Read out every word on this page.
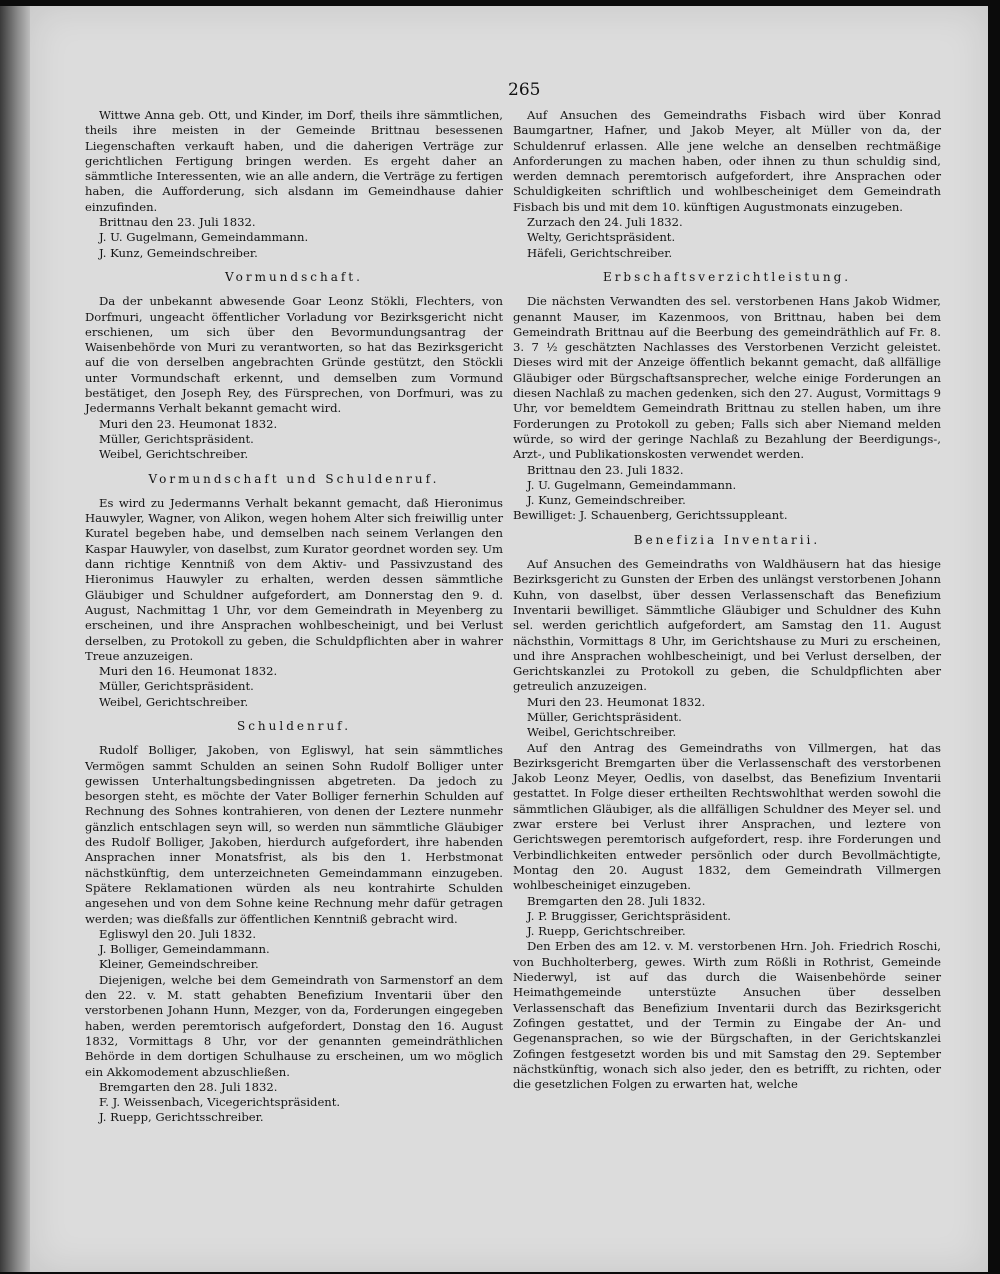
265

Wittwe Anna geb. Ott, und Kinder, im Dorf, theils ihre sämmtlichen, theils ihre meisten in der Gemeinde Brittnau besessenen Liegenschaften verkauft haben, und die daherigen Verträge zur gerichtlichen Fertigung bringen werden. Es ergeht daher an sämmtliche Interessenten, wie an alle andern, die Verträge zu fertigen haben, die Aufforderung, sich alsdann im Gemeindhause dahier einzufinden.

Brittnau den 23. Juli 1832.

J. U. Gugelmann, Gemeindammann.

J. Kunz, Gemeindschreiber.

Vormundschaft.

Da der unbekannt abwesende Goar Leonz Stökli, Flechters, von Dorfmuri, ungeacht öffentlicher Vorladung vor Bezirksgericht nicht erschienen, um sich über den Bevormundungsantrag der Waisenbehörde von Muri zu verantworten, so hat das Bezirksgericht auf die von derselben angebrachten Gründe gestützt, den Stöckli unter Vormundschaft erkennt, und demselben zum Vormund bestätiget, den Joseph Rey, des Fürsprechen, von Dorfmuri, was zu Jedermanns Verhalt bekannt gemacht wird.

Muri den 23. Heumonat 1832.

Müller, Gerichtspräsident.

Weibel, Gerichtschreiber.

Vormundschaft und Schuldenruf.

Es wird zu Jedermanns Verhalt bekannt gemacht, daß Hieronimus Hauwyler, Wagner, von Alikon, wegen hohem Alter sich freiwillig unter Kuratel begeben habe, und demselben nach seinem Verlangen den Kaspar Hauwyler, von daselbst, zum Kurator geordnet worden sey. Um dann richtige Kenntniß von dem Aktiv- und Passivzustand des Hieronimus Hauwyler zu erhalten, werden dessen sämmtliche Gläubiger und Schuldner aufgefordert, am Donnerstag den 9. d. August, Nachmittag 1 Uhr, vor dem Gemeindrath in Meyenberg zu erscheinen, und ihre Ansprachen wohlbescheinigt, und bei Verlust derselben, zu Protokoll zu geben, die Schuldpflichten aber in wahrer Treue anzuzeigen.

Muri den 16. Heumonat 1832.

Müller, Gerichtspräsident.

Weibel, Gerichtschreiber.

Schuldenruf.

Rudolf Bolliger, Jakoben, von Egliswyl, hat sein sämmtliches Vermögen sammt Schulden an seinen Sohn Rudolf Bolliger unter gewissen Unterhaltungsbedingnissen abgetreten. Da jedoch zu besorgen steht, es möchte der Vater Bolliger fernerhin Schulden auf Rechnung des Sohnes kontrahieren, von denen der Leztere nunmehr gänzlich entschlagen seyn will, so werden nun sämmtliche Gläubiger des Rudolf Bolliger, Jakoben, hierdurch aufgefordert, ihre habenden Ansprachen inner Monatsfrist, als bis den 1. Herbstmonat nächstkünftig, dem unterzeichneten Gemeindammann einzugeben. Spätere Reklamationen würden als neu kontrahirte Schulden angesehen und von dem Sohne keine Rechnung mehr dafür getragen werden; was dießfalls zur öffentlichen Kenntniß gebracht wird.

Egliswyl den 20. Juli 1832.

J. Bolliger, Gemeindammann.

Kleiner, Gemeindschreiber.

Diejenigen, welche bei dem Gemeindrath von Sarmenstorf an dem den 22. v. M. statt gehabten Benefizium Inventarii über den verstorbenen Johann Hunn, Mezger, von da, Forderungen eingegeben haben, werden peremtorisch aufgefordert, Donstag den 16. August 1832, Vormittags 8 Uhr, vor der genannten gemeindräthlichen Behörde in dem dortigen Schulhause zu erscheinen, um wo möglich ein Akkomodement abzuschließen.

Bremgarten den 28. Juli 1832.

F. J. Weissenbach, Vicegerichtspräsident.

J. Ruepp, Gerichtsschreiber.

Auf Ansuchen des Gemeindraths Fisbach wird über Konrad Baumgartner, Hafner, und Jakob Meyer, alt Müller von da, der Schuldenruf erlassen. Alle jene welche an denselben rechtmäßige Anforderungen zu machen haben, oder ihnen zu thun schuldig sind, werden demnach peremtorisch aufgefordert, ihre Ansprachen oder Schuldigkeiten schriftlich und wohlbescheiniget dem Gemeindrath Fisbach bis und mit dem 10. künftigen Augustmonats einzugeben.

Zurzach den 24. Juli 1832.

Welty, Gerichtspräsident.

Häfeli, Gerichtschreiber.

Erbschaftsverzichtleistung.

Die nächsten Verwandten des sel. verstorbenen Hans Jakob Widmer, genannt Mauser, im Kazenmoos, von Brittnau, haben bei dem Gemeindrath Brittnau auf die Beerbung des gemeindräthlich auf Fr. 8. 3. 7 ½ geschätzten Nachlasses des Verstorbenen Verzicht geleistet. Dieses wird mit der Anzeige öffentlich bekannt gemacht, daß allfällige Gläubiger oder Bürgschaftsansprecher, welche einige Forderungen an diesen Nachlaß zu machen gedenken, sich den 27. August, Vormittags 9 Uhr, vor bemeldtem Gemeindrath Brittnau zu stellen haben, um ihre Forderungen zu Protokoll zu geben; Falls sich aber Niemand melden würde, so wird der geringe Nachlaß zu Bezahlung der Beerdigungs-, Arzt-, und Publikationskosten verwendet werden.

Brittnau den 23. Juli 1832.

J. U. Gugelmann, Gemeindammann.

J. Kunz, Gemeindschreiber.

Bewilliget: J. Schauenberg, Gerichtssuppleant.

Benefizia Inventarii.

Auf Ansuchen des Gemeindraths von Waldhäusern hat das hiesige Bezirksgericht zu Gunsten der Erben des unlängst verstorbenen Johann Kuhn, von daselbst, über dessen Verlassenschaft das Benefizium Inventarii bewilliget. Sämmtliche Gläubiger und Schuldner des Kuhn sel. werden gerichtlich aufgefordert, am Samstag den 11. August nächsthin, Vormittags 8 Uhr, im Gerichtshause zu Muri zu erscheinen, und ihre Ansprachen wohlbescheinigt, und bei Verlust derselben, der Gerichtskanzlei zu Protokoll zu geben, die Schuldpflichten aber getreulich anzuzeigen.

Muri den 23. Heumonat 1832.

Müller, Gerichtspräsident.

Weibel, Gerichtschreiber.

Auf den Antrag des Gemeindraths von Villmergen, hat das Bezirksgericht Bremgarten über die Verlassenschaft des verstorbenen Jakob Leonz Meyer, Oedlis, von daselbst, das Benefizium Inventarii gestattet. In Folge dieser ertheilten Rechtswohlthat werden sowohl die sämmtlichen Gläubiger, als die allfälligen Schuldner des Meyer sel. und zwar erstere bei Verlust ihrer Ansprachen, und leztere von Gerichtswegen peremtorisch aufgefordert, resp. ihre Forderungen und Verbindlichkeiten entweder persönlich oder durch Bevollmächtigte, Montag den 20. August 1832, dem Gemeindrath Villmergen wohlbescheiniget einzugeben.

Bremgarten den 28. Juli 1832.

J. P. Bruggisser, Gerichtspräsident.

J. Ruepp, Gerichtschreiber.

Den Erben des am 12. v. M. verstorbenen Hrn. Joh. Friedrich Roschi, von Buchholterberg, gewes. Wirth zum Rößli in Rothrist, Gemeinde Niederwyl, ist auf das durch die Waisenbehörde seiner Heimathgemeinde unterstüzte Ansuchen über desselben Verlassenschaft das Benefizium Inventarii durch das Bezirksgericht Zofingen gestattet, und der Termin zu Eingabe der An- und Gegenansprachen, so wie der Bürgschaften, in der Gerichtskanzlei Zofingen festgesetzt worden bis und mit Samstag den 29. September nächstkünftig, wonach sich also jeder, den es betrifft, zu richten, oder die gesetzlichen Folgen zu erwarten hat, welche
